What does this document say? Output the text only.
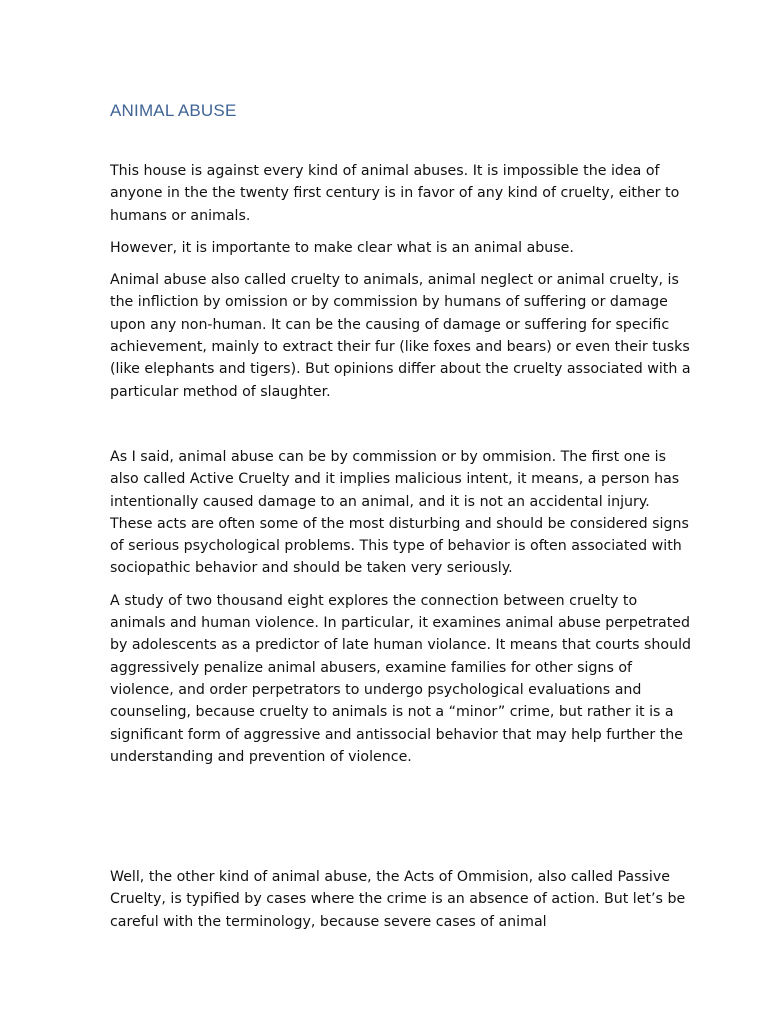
ANIMAL ABUSE

This house is against every kind of animal abuses. It is impossible the idea of anyone in the the twenty first century is in favor of any kind of cruelty, either to humans or animals.

However, it is importante to make clear what is an animal abuse.

Animal abuse also called cruelty to animals, animal neglect or animal cruelty, is the infliction by omission or by commission by humans of suffering or damage upon any non-human. It can be the causing of damage or suffering for specific achievement, mainly to extract their fur (like foxes and bears) or even their tusks (like elephants and tigers). But opinions differ about the cruelty associated with a particular method of slaughter.

As I said, animal abuse can be by commission or by ommision. The first one is also called Active Cruelty and it implies malicious intent, it means, a person has intentionally caused damage to an animal, and it is not an accidental injury. These acts are often some of the most disturbing and should be considered signs of serious psychological problems. This type of behavior is often associated with sociopathic behavior and should be taken very seriously.

A study of two thousand eight explores the connection between cruelty to animals and human violence. In particular, it examines animal abuse perpetrated by adolescents as a predictor of late human violance. It means that courts should aggressively penalize animal abusers, examine families for other signs of violence, and order perpetrators to undergo psychological evaluations and counseling, because cruelty to animals is not a “minor” crime, but rather it is a significant form of aggressive and antissocial behavior that may help further the understanding and prevention of violence.

Well, the other kind of animal abuse, the Acts of Ommision, also called Passive Cruelty, is typified by cases where the crime is an absence of action. But let’s be careful with the terminology, because severe cases of animal
